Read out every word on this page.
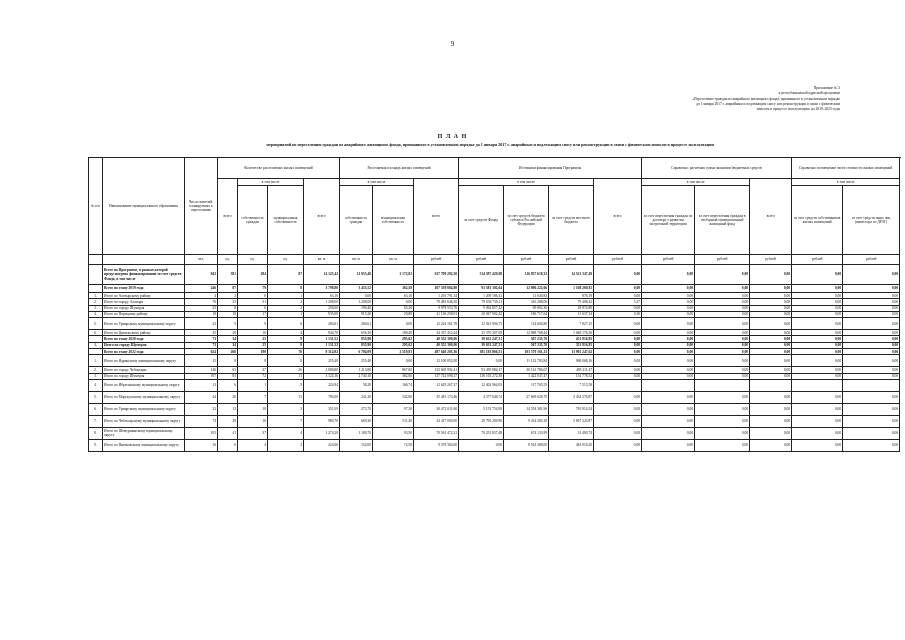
9
Приложение № 3
к республиканской адресной программе
«Переселение граждан из аварийного жилищного фонда, признанного в установленном порядке
до 1 января 2017 г. аварийным и подлежащим сносу или реконструкции в связи с физическим
износом в процессе эксплуатации» на 2019–2025 годы
П Л А Н
мероприятий по переселению граждан из аварийного жилищного фонда, признанного в установленном порядке до 1 января 2017 г. аварийным и подлежащим сносу или реконструкции в связи с физическим износом в процессе эксплуатации
№ п/п	Наименование муниципального образования	Число жителей, планируемых к переселению	Количество расселяемых жилых помещений				Расселяемая площадь жилых помещений			Источники финансирования Программы				Справочно: расчетная сумма экономии бюджетных средств			Справочно: возмещение части стоимости жилых помещений	
			всего	в том числе		всего	в том числе		всего	в том числе			всего	в том числе		всего	в том числе	
				собственность граждан	муниципальная собственность		собственность граждан	муниципальная собственность		за счет средств Фонда	за счет средств бюджета субъекта Российской Федерации	за счет средств местного бюджета		за счет переселения граждан по договору о развитии застроенной территории	за счет переселения граждан в свободный муниципальный жилищный фонд		за счет средств собственников жилых помещений	за счет средств иных лиц (инвестора по ДРЗТ)
		чел.	ед.	ед.	ед.	кв. м	кв. м	кв. м	рублей	рублей	рублей	рублей	рублей	рублей	рублей	рублей	рублей	рублей
	Всего по Программе, в рамках которой предусмотрено финансирование за счет средств Фонда, в том числе	943	381	294	87	14 125,42	11 953,40	2 172,02	617 799 292,50	514 397 429,08	116 857 618,33	14 521 347,49	0,00	0,00	0,00	0,00	0,00	0,00
	Всего по этапу 2019 года	246	87	79	8	3 798,80	3 435,52	362,58	107 359 884,80	93 581 302,64	12 896 222,66	1 168 260,81	0,00	0,00	0,00	0,00	0,00	0,00
1.	Итого по Алатырскому району	4	3	0	1	63,10	0,00	63,10	1 261 791,34	1 209 186,33	11 640,82	876,19	0,00	0,00	0,00	0,00	0,00	0,00
2.	Итого по городу Алатырь	76	33	31	2	1 208,00	1 208,00	0,00	79 481 646,50	79 036 730,11	316 288,06	79 408,42	5,37	0,00	0,00	0,00	0,00	0,00
3.	Итого по городу Шумерля	25	8	6	2	256,00	190,40	65,20	9 978 553,76	9 064 857,22	69 802,36	28 874,80	0,00	0,00	0,00	0,00	0,00	0,00
4.	Итого по Порецкому району	18	18	17	1	935,00	915,20	20,80	21 156 258,01	20 947 902,42	186 717,64	11 637,34	0,30	0,00	0,00	0,00	0,00	0,00
5.	Итого по Урмарскому муниципальному округу	23	9	9	0	284,61	284,61	0,00	12 224 161,78	12 021 906,73	114 604,80	7 827,15	0,00	0,00	0,00	0,00	0,00	0,00
6.	Итого по Цивильскому району	45	29	16	4	844,70	656,30	188,40	24 357 412,44	23 370 307,69	12 088 768,44	1 048 176,36	0,00	0,00	0,00	0,00	0,00	0,00
	Всего по этапу 2020 года	73	34	25	9	1 131,52	835,90	295,62	40 552 300,06	39 632 247,51	567 235,70	451 816,85	0,00	0,00	0,00	0,00	0,00	0,00
1.	Итого по городу Шумерля	73	34	25	9	1 131,52	835,90	295,62	40 552 300,06	39 633 247,51	567 235,70	351 816,85	0,00	0,00	0,00	0,00	0,00	0,00
	Всего по этапу 2022 года	624	260	190	70	9 314,92	6 794,09	2 519,83	497 640 205,36	381 183 866,51	103 570 161,23	13 901 247,62	0,00	0,00	0,00	0,00	0,00	0,00
1.	Итого по Ядринскому муниципальному округу	15	8	8	0	255,40	255,40	0,00	12 100 852,00	0,00	11 132 783,84	968 068,16	0,00	0,00	0,00	0,00	0,00	0,00
2.	Итого по городу Чебоксары	146	63	37	26	2 080,80	1 213,80	867,00	123 605 992,41	93 459 984,17	30 141 786,67	485 211,47	0,00	0,00	0,00	0,00	0,00	0,00
3.	Итого по городу Шумерля	197	83	72	11	3 122,16	2 740,10	382,06	137 742 098,37	136 165 272,30	1 422 047,47	154 778,52	0,00	0,00	0,00	0,00	0,00	0,00
4.	Итого по Ибресинскому муниципальному округу	13	6	1	5	224,94	58,20	166,74	12 629 267,37	12 402 964,93	117 765,53	7 515,58						
5.	Итого по Моргаушскому муниципальному округу	44	20	7	13	784,00	241,20	542,80	35 481 173,46	4 377 646,74	27 669 028,79	3 434 576,87	0,00	0,00	0,00	0,00	0,00	0,00
6.	Итого по Урмарскому муниципальному округу	32	12	10	2	351,09	273,70	97,30	20 472 011,60	5 153 754,90	14 554 381,96	763 914,54	0,00	0,00	0,00	0,00	0,00	0,00
7.	Итого по Чебоксарскому муниципальному округу	74	29	16	7	980,70	669,30	311,40	34 417 000,00	29 795 209,90	9 414 283,18	5 097 223,87	0,00	0,00	0,00	0,00	0,00	0,00
8.	Итого по Шемуршинскому муниципальному округу	105	41	37	4	1 274,20	1 180,70	93,50	70 561 472,21	70 251 857,48	674 133,99	31 480,74	0,00	0,00	0,00	0,00	0,00	0,00
9.	Итого по Янтиковскому муниципальному округу	16	6	4	2	224,06	152,00	72,50	9 378 304,00	0,00	8 914 388,00	463 916,20	0,00	0,00	0,00	0,00	0,00	0,00
